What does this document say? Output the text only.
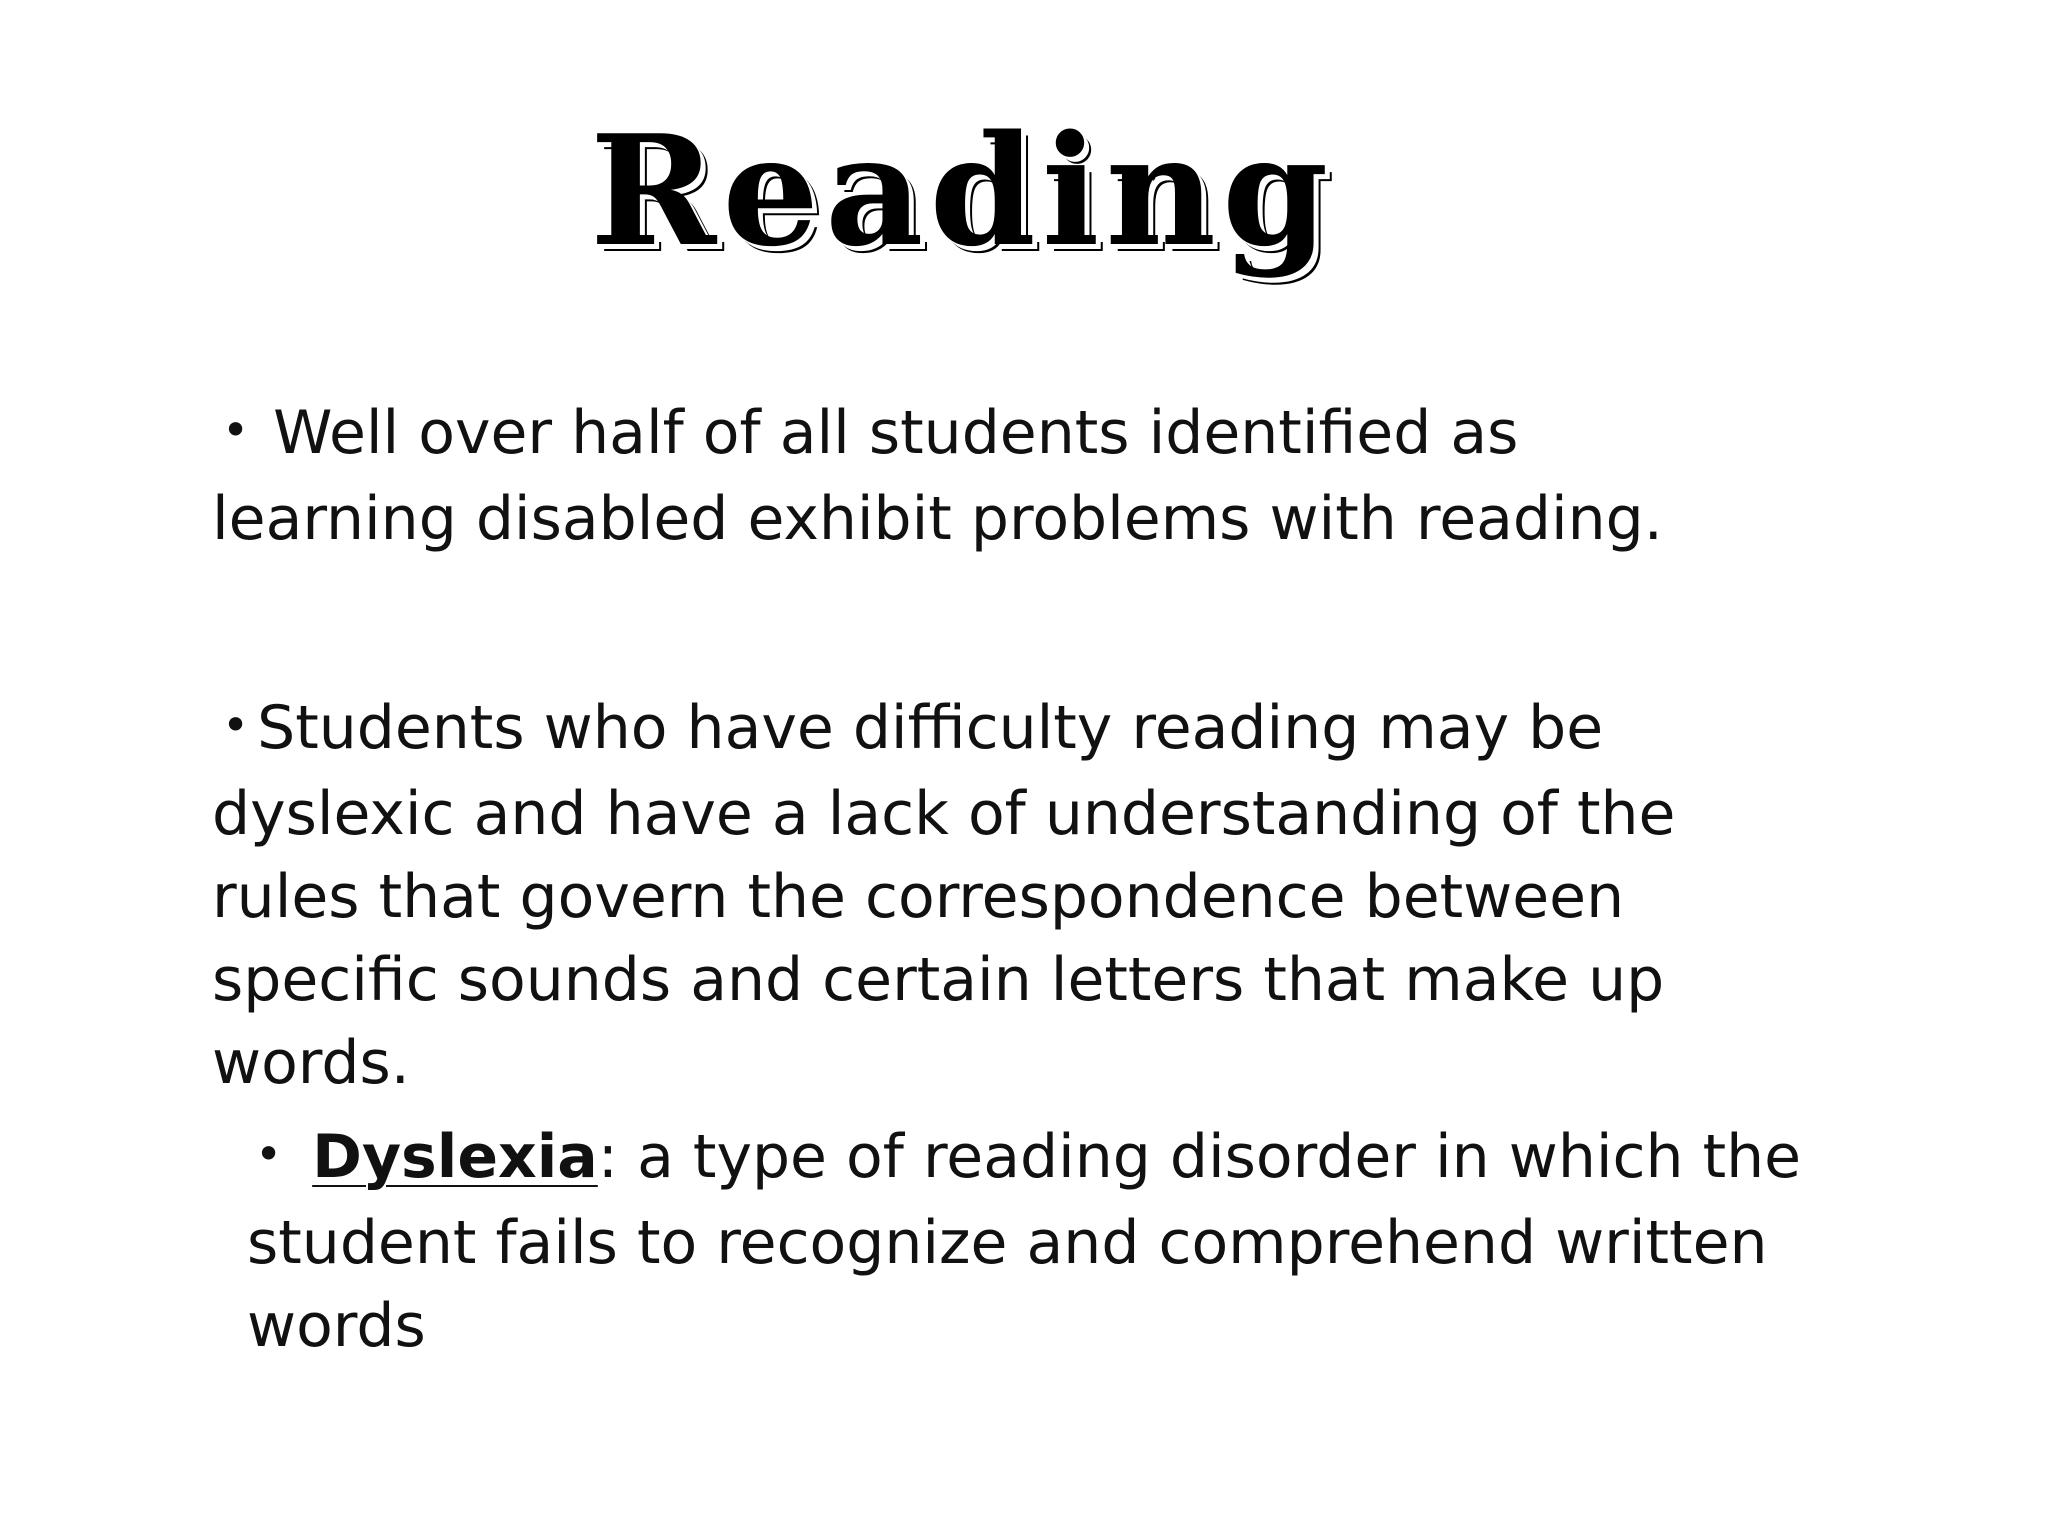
Reading

• Well over half of all students identified as learning disabled exhibit problems with reading.

• Students who have difficulty reading may be dyslexic and have a lack of understanding of the rules that govern the correspondence between specific sounds and certain letters that make up words.

• Dyslexia: a type of reading disorder in which the student fails to recognize and comprehend written words
